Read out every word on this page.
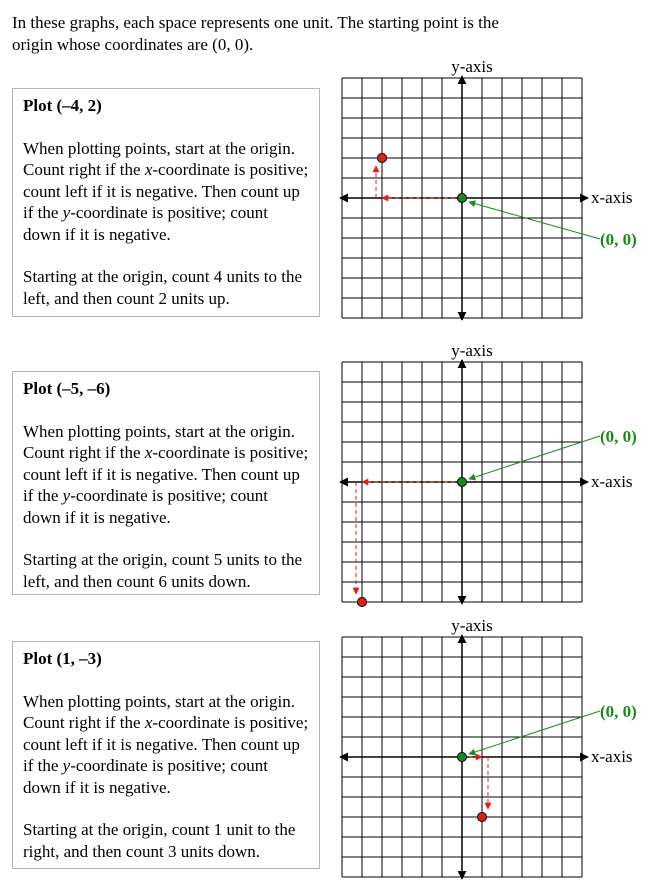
In these graphs, each space represents one unit. The starting point is the
origin whose coordinates are (0, 0).
Plot (–4, 2)
When plotting points, start at the origin. Count right if the x-coordinate is positive; count left if it is negative. Then count up if the y-coordinate is positive; count down if it is negative.
Starting at the origin, count 4 units to the left, and then count 2 units up.
y-axis
x-axis
(0, 0)
Plot (–5, –6)
When plotting points, start at the origin. Count right if the x-coordinate is positive; count left if it is negative. Then count up if the y-coordinate is positive; count down if it is negative.
Starting at the origin, count 5 units to the left, and then count 6 units down.
y-axis
x-axis
(0, 0)
Plot (1, –3)
When plotting points, start at the origin. Count right if the x-coordinate is positive; count left if it is negative. Then count up if the y-coordinate is positive; count down if it is negative.
Starting at the origin, count 1 unit to the right, and then count 3 units down.
y-axis
x-axis
(0, 0)
